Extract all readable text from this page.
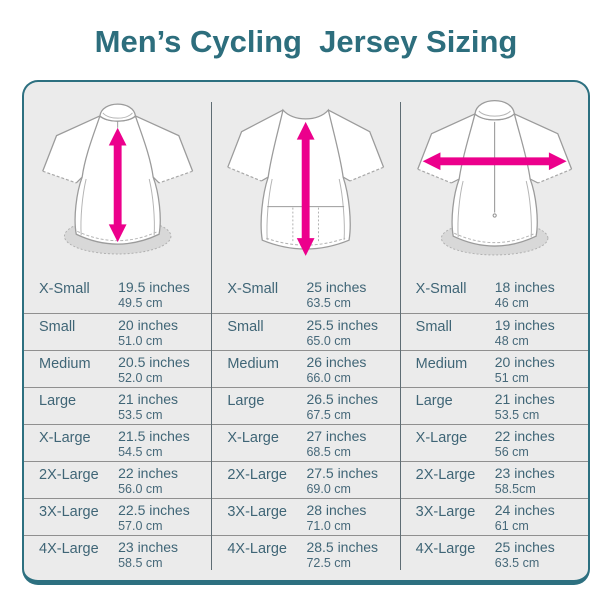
Men’s Cycling  Jersey Sizing
X-Small	19.5 inches
49.5 cm
Small	20 inches
51.0 cm
Medium	20.5 inches
52.0 cm
Large	21 inches
53.5 cm
X-Large	21.5 inches
54.5 cm
2X-Large	22 inches
56.0 cm
3X-Large	22.5 inches
57.0 cm
4X-Large	23 inches
58.5 cm
X-Small	25 inches
63.5 cm
Small	25.5 inches
65.0 cm
Medium	26 inches
66.0 cm
Large	26.5 inches
67.5 cm
X-Large	27 inches
68.5 cm
2X-Large	27.5 inches
69.0 cm
3X-Large	28 inches
71.0 cm
4X-Large	28.5 inches
72.5 cm
X-Small	18 inches
46 cm
Small	19 inches
48 cm
Medium	20 inches
51 cm
Large	21 inches
53.5 cm
X-Large	22 inches
56 cm
2X-Large	23 inches
58.5cm
3X-Large	24 inches
61 cm
4X-Large	25 inches
63.5 cm
